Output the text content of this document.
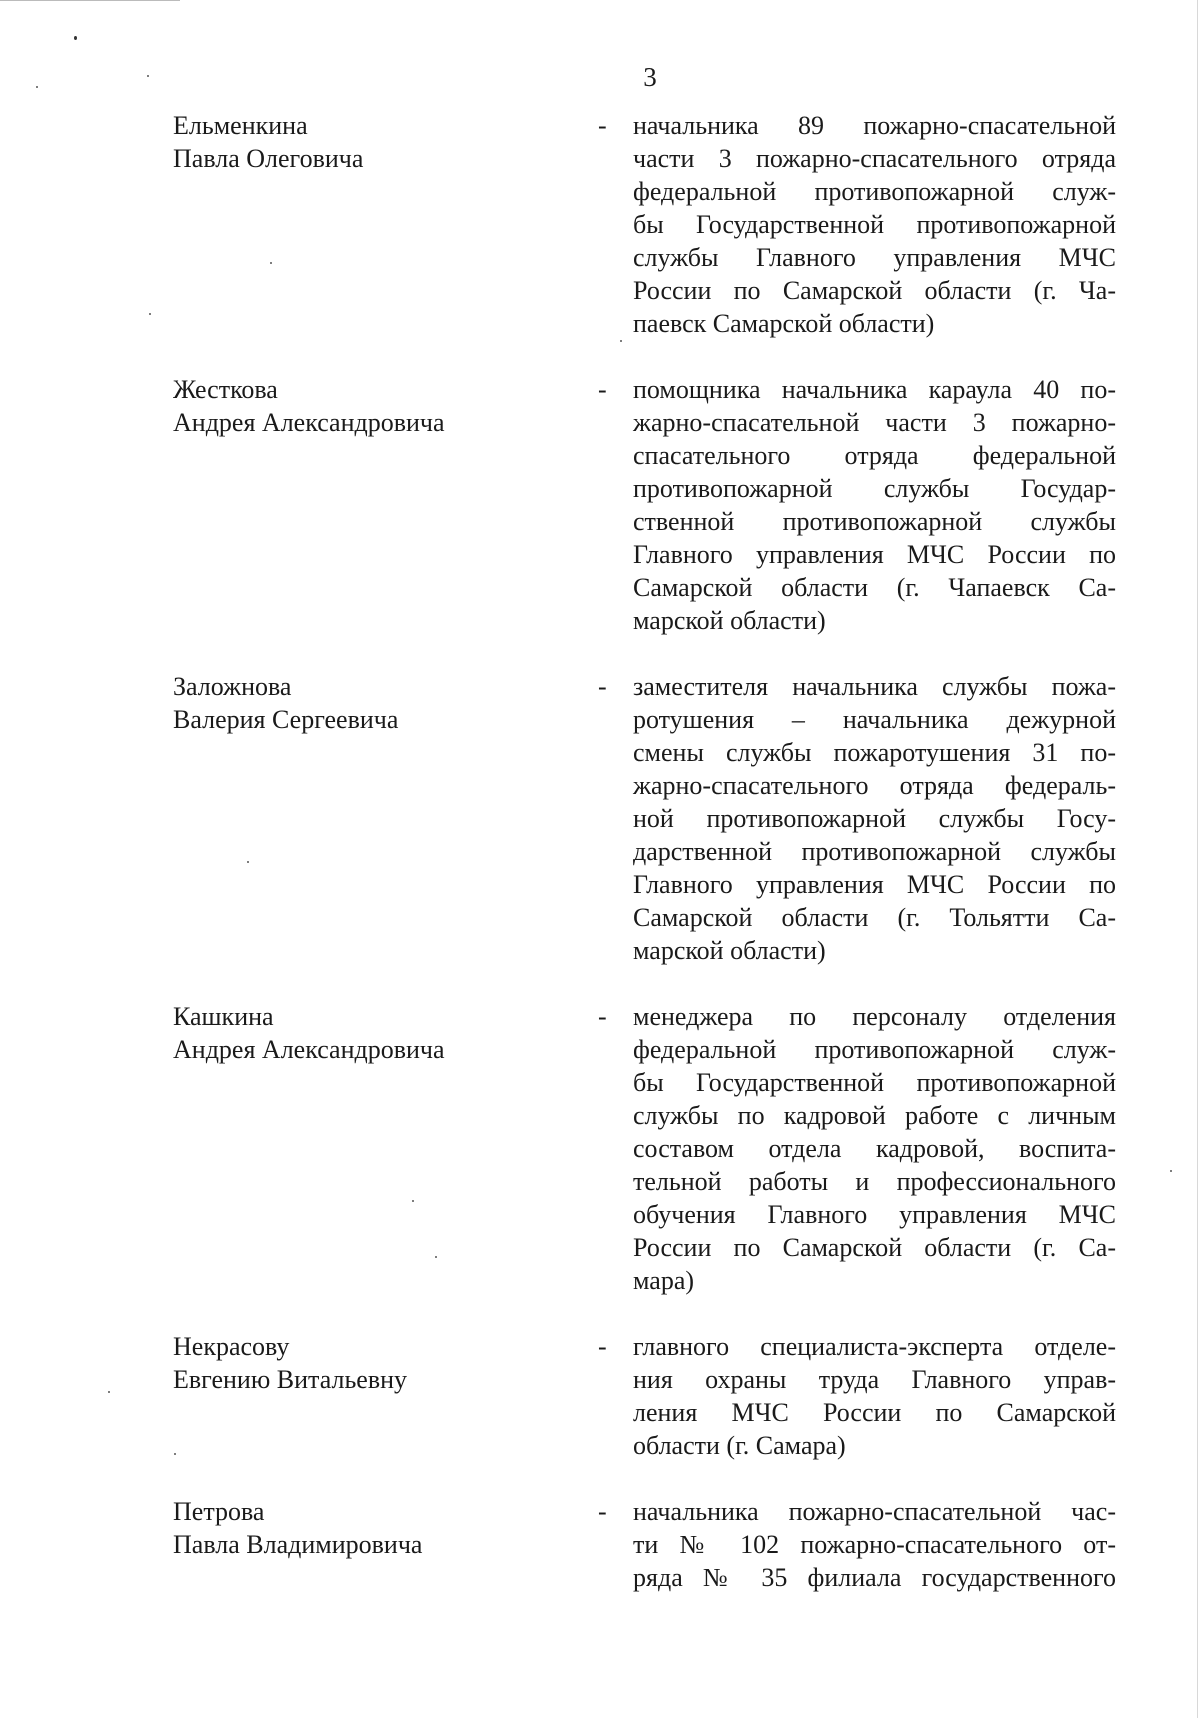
3
Ельменкина
Павла Олеговича
- начальника 89 пожарно-спасательной
части 3 пожарно-спасательного отряда
федеральной противопожарной служ-
бы Государственной противопожарной
службы Главного управления МЧС
России по Самарской области (г. Ча-
паевск Самарской области)
Жесткова
Андрея Александровича
- помощника начальника караула 40 по-
жарно-спасательной части 3 пожарно-
спасательного отряда федеральной
противопожарной службы Государ-
ственной противопожарной службы
Главного управления МЧС России по
Самарской области (г. Чапаевск Са-
марской области)
Заложнова
Валерия Сергеевича
- заместителя начальника службы пожа-
ротушения – начальника дежурной
смены службы пожаротушения 31 по-
жарно-спасательного отряда федераль-
ной противопожарной службы Госу-
дарственной противопожарной службы
Главного управления МЧС России по
Самарской области (г. Тольятти Са-
марской области)
Кашкина
Андрея Александровича
- менеджера по персоналу отделения
федеральной противопожарной служ-
бы Государственной противопожарной
службы по кадровой работе с личным
составом отдела кадровой, воспита-
тельной работы и профессионального
обучения Главного управления МЧС
России по Самарской области (г. Са-
мара)
Некрасову
Евгению Витальевну
- главного специалиста-эксперта отделе-
ния охраны труда Главного управ-
ления МЧС России по Самарской
области (г. Самара)
Петрова
Павла Владимировича
- начальника пожарно-спасательной час-
ти № 102 пожарно-спасательного от-
ряда № 35 филиала государственного
